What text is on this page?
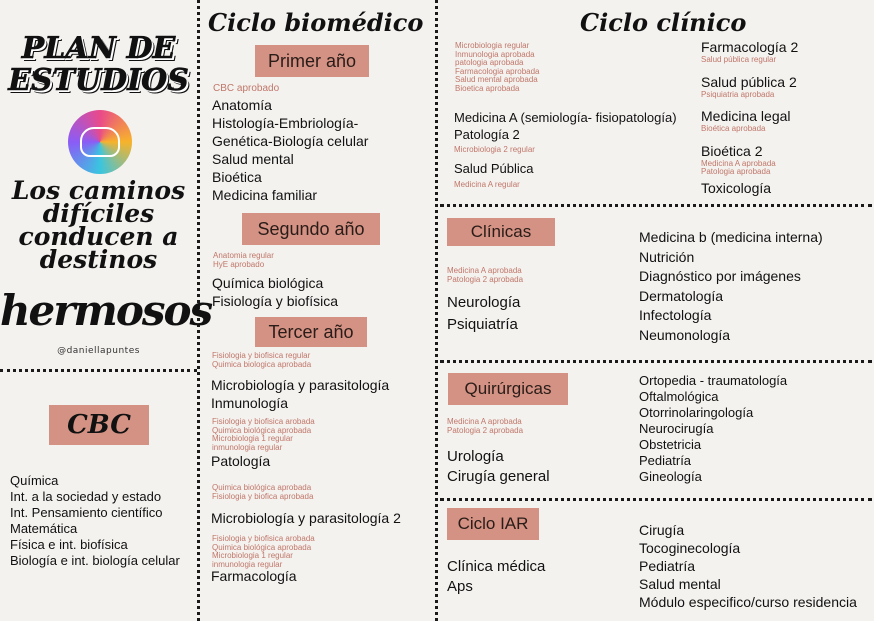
PLAN DE
ESTUDIOS
Los caminos
difíciles
conducen a
destinos
hermosos
@daniellapuntes
CBC
Química
Int. a la sociedad y estado
Int. Pensamiento científico
Matemática
Física e int. biofísica
Biología e int. biología celular
Ciclo biomédico
Primer año
CBC aprobado
Anatomía
Histología-Embriología-
Genética-Biología celular
Salud mental
Bioética
Medicina familiar
Segundo año
Anatomia regular
HyE aprobado
Química biológica
Fisiología y biofísica
Tercer año
Fisiologia y biofisica regular
Quimica biologica aprobada
Microbiología y parasitología
Inmunología
Fisiologia y biofisica arobada
Quimica biológica aprobada
Microbiologia 1 regular
inmunologia regular
Patología
Quimica biológica aprobada
Fisiologia y biofica aprobada
Microbiología y parasitología 2
Fisiologia y biofisica arobada
Quimica biológica aprobada
Microbiologia 1 regular
inmunologia regular
Farmacología
Ciclo clínico
Microbiologia regular
Inmunologia aprobada
patologia aprobada
Farmacologia aprobada
Salud mental aprobada
Bioetica aprobada
Medicina A (semiología- fisiopatología)
Patología 2
Microbiologia 2 regular
Salud Pública
Medicina A regular
Farmacología 2
Salud pública regular
Salud pública 2
Psiquiatria aprobada
Medicina legal
Bioética aprobada
Bioética 2
Medicina A aprobada
Patologia aprobada
Toxicología
Clínicas
Medicina A aprobada
Patologia 2 aprobada
Neurología
Psiquiatría
Medicina b (medicina interna)
Nutrición
Diagnóstico por imágenes
Dermatología
Infectología
Neumonología
Quirúrgicas
Medicina A aprobada
Patologia 2 aprobada
Urología
Cirugía general
Ortopedia - traumatología
Oftalmológica
Otorrinolaringología
Neurocirugía
Obstetricia
Pediatría
Gineología
Ciclo IAR
Clínica médica
Aps
Cirugía
Tocoginecología
Pediatría
Salud mental
Módulo especifico/curso residencia
